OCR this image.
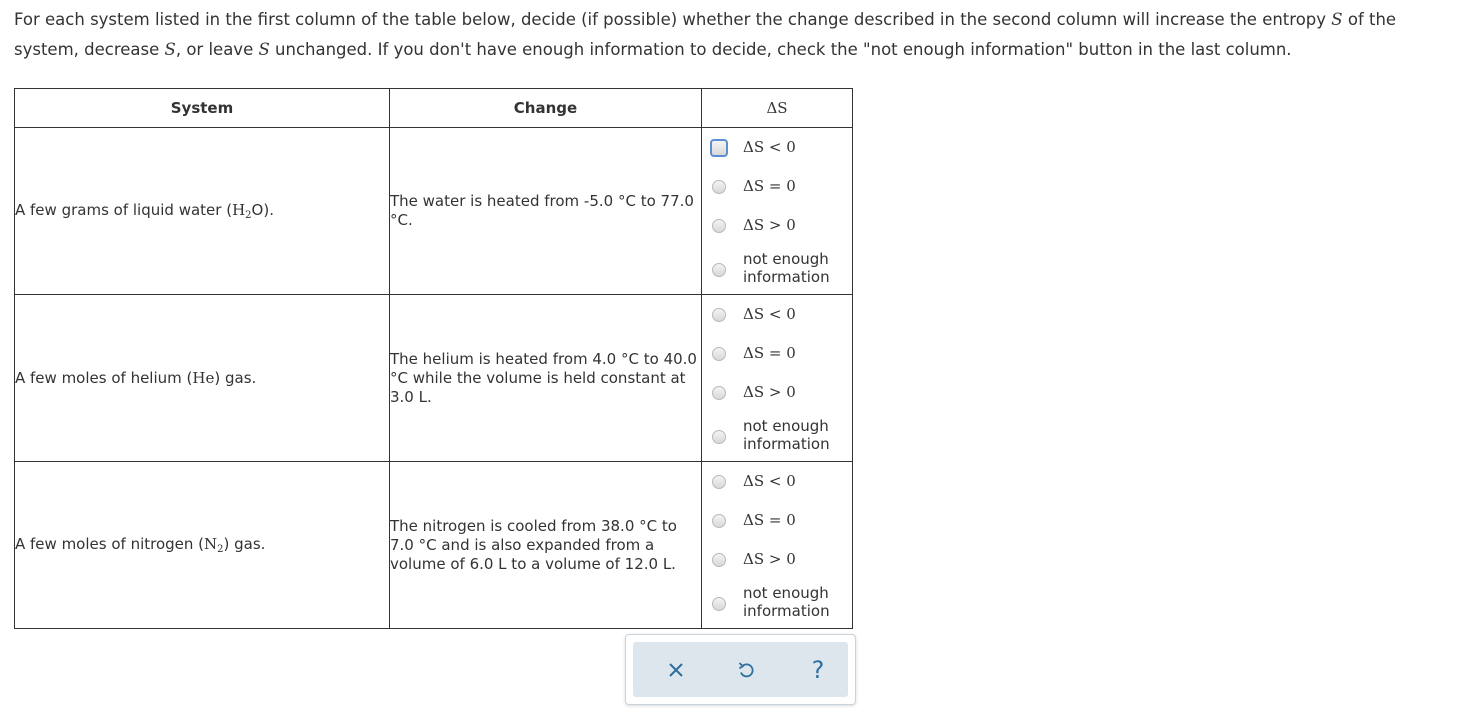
For each system listed in the first column of the table below, decide (if possible) whether the change described in the second column will increase the entropy S of the system, decrease S, or leave S unchanged. If you don't have enough information to decide, check the "not enough information" button in the last column.
System	Change	ΔS
A few grams of liquid water $(H_2O)$.	The water is heated from -5.0 °C to 77.0 °C.	ΔS < 0
ΔS = 0
ΔS > 0
not enough information

A few moles of helium (He) gas.	The helium is heated from 4.0 °C to 40.0 °C while the volume is held constant at 3.0 L.	ΔS < 0
ΔS = 0
ΔS > 0
not enough information

A few moles of nitrogen $(N_2)$ gas.	The nitrogen is cooled from 38.0 °C to 7.0 °C and is also expanded from a volume of 6.0 L to a volume of 12.0 L.	ΔS < 0
ΔS = 0
ΔS > 0
not enough information
?
